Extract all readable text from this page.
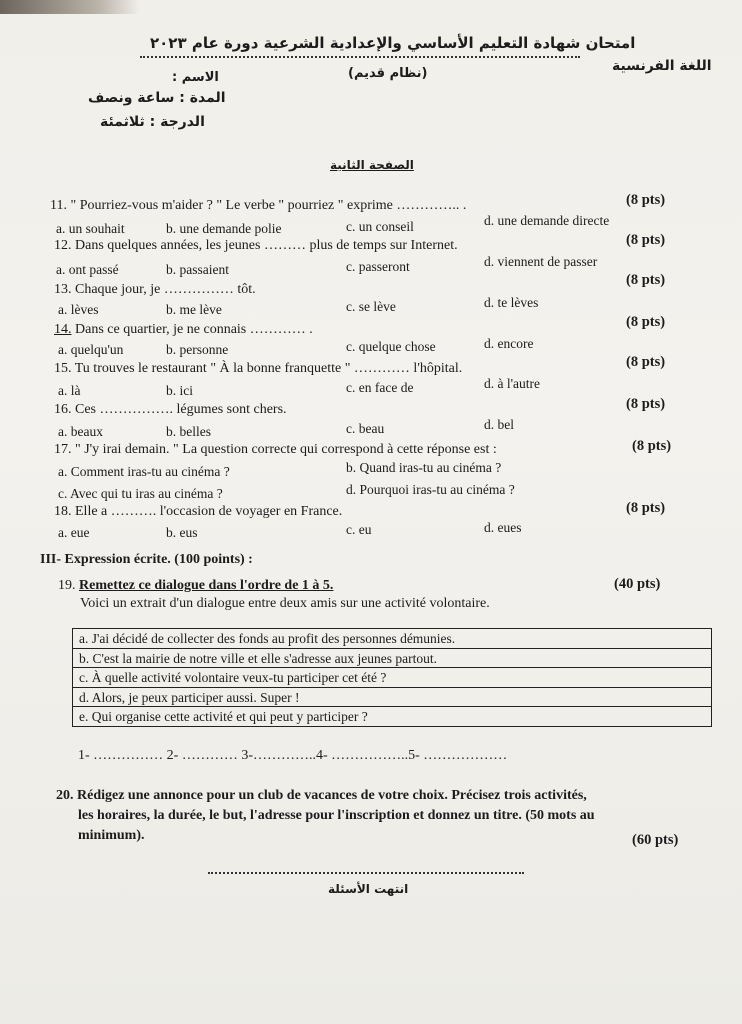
امتحان شهادة التعليم الأساسي والإعدادية الشرعية دورة عام ٢٠٢٣
اللغة الفرنسية
(نظام قديم)
الاسم :
المدة : ساعة ونصف
الدرجة : ثلاثمئة
الصفحة الثانية
11. " Pourriez-vous m'aider ? " Le verbe " pourriez " exprime ………….. .	(8 pts)
a. un souhait	b. une demande polie	c. un conseil	d. une demande directe
12. Dans quelques années, les jeunes ……… plus de temps sur Internet.	(8 pts)
a. ont passé	b. passaient	c. passeront	d. viennent de passer
13. Chaque jour, je …………… tôt.
(8 pts)
a. lèves	b. me lève	c. se lève	d. te lèves
14. Dans ce quartier, je ne connais ………… .	(8 pts)
a. quelqu'un	b. personne	c. quelque chose	d. encore
15. Tu trouves le restaurant " À la bonne franquette " ………… l'hôpital.	(8 pts)
a. là	b. ici	c. en face de	d. à l'autre
16. Ces ……………. légumes sont chers.	(8 pts)
a. beaux	b. belles	c. beau	d. bel
17. " J'y irai demain. " La question correcte qui correspond à cette réponse est :	(8 pts)
a. Comment iras-tu au cinéma ?	b. Quand iras-tu au cinéma ?
c. Avec qui tu iras au cinéma ?	d. Pourquoi iras-tu au cinéma ?
18. Elle a ………. l'occasion de voyager en France.	(8 pts)
a. eue	b. eus	c. eu	d. eues
III- Expression écrite. (100 points) :
19. Remettez ce dialogue dans l'ordre de 1 à 5.	(40 pts)
Voici un extrait d'un dialogue entre deux amis sur une activité volontaire.
a. J'ai décidé de collecter des fonds au profit des personnes démunies.
b. C'est la mairie de notre ville et elle s'adresse aux jeunes partout.
c. À quelle activité volontaire veux-tu participer cet été ?
d. Alors, je peux participer aussi. Super !
e. Qui organise cette activité et qui peut y participer ?
1- …………… 2- ………… 3-…………..4- ……………..5- ………………
20. Rédigez une annonce pour un club de vacances de votre choix. Précisez trois activités,
les horaires, la durée, le but, l'adresse pour l'inscription et donnez un titre. (50 mots au
minimum).	(60 pts)
انتهت الأسئلة
